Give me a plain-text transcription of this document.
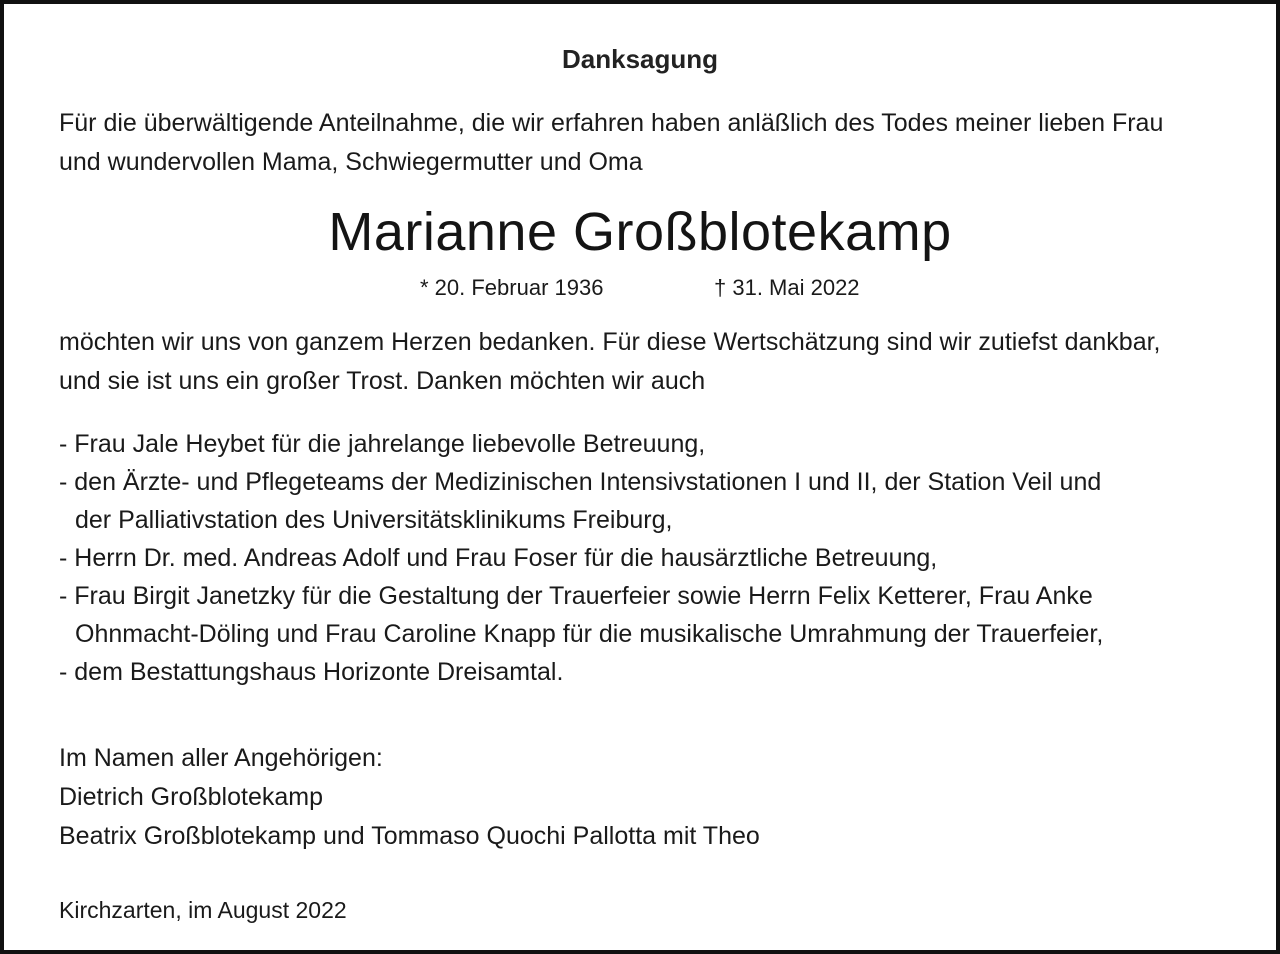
Danksagung
Für die überwältigende Anteilnahme, die wir erfahren haben anläßlich des Todes meiner lieben Frau
und wundervollen Mama, Schwiegermutter und Oma
Marianne Großblotekamp
* 20. Februar 1936	† 31. Mai 2022
möchten wir uns von ganzem Herzen bedanken. Für diese Wertschätzung sind wir zutiefst dankbar,
und sie ist uns ein großer Trost. Danken möchten wir auch
- Frau Jale Heybet für die jahrelange liebevolle Betreuung,
- den Ärzte- und Pflegeteams der Medizinischen Intensivstationen I und II, der Station Veil und
der Palliativstation des Universitätsklinikums Freiburg,
- Herrn Dr. med. Andreas Adolf und Frau Foser für die hausärztliche Betreuung,
- Frau Birgit Janetzky für die Gestaltung der Trauerfeier sowie Herrn Felix Ketterer, Frau Anke
Ohnmacht-Döling und Frau Caroline Knapp für die musikalische Umrahmung der Trauerfeier,
- dem Bestattungshaus Horizonte Dreisamtal.
Im Namen aller Angehörigen:
Dietrich Großblotekamp
Beatrix Großblotekamp und Tommaso Quochi Pallotta mit Theo
Kirchzarten, im August 2022
